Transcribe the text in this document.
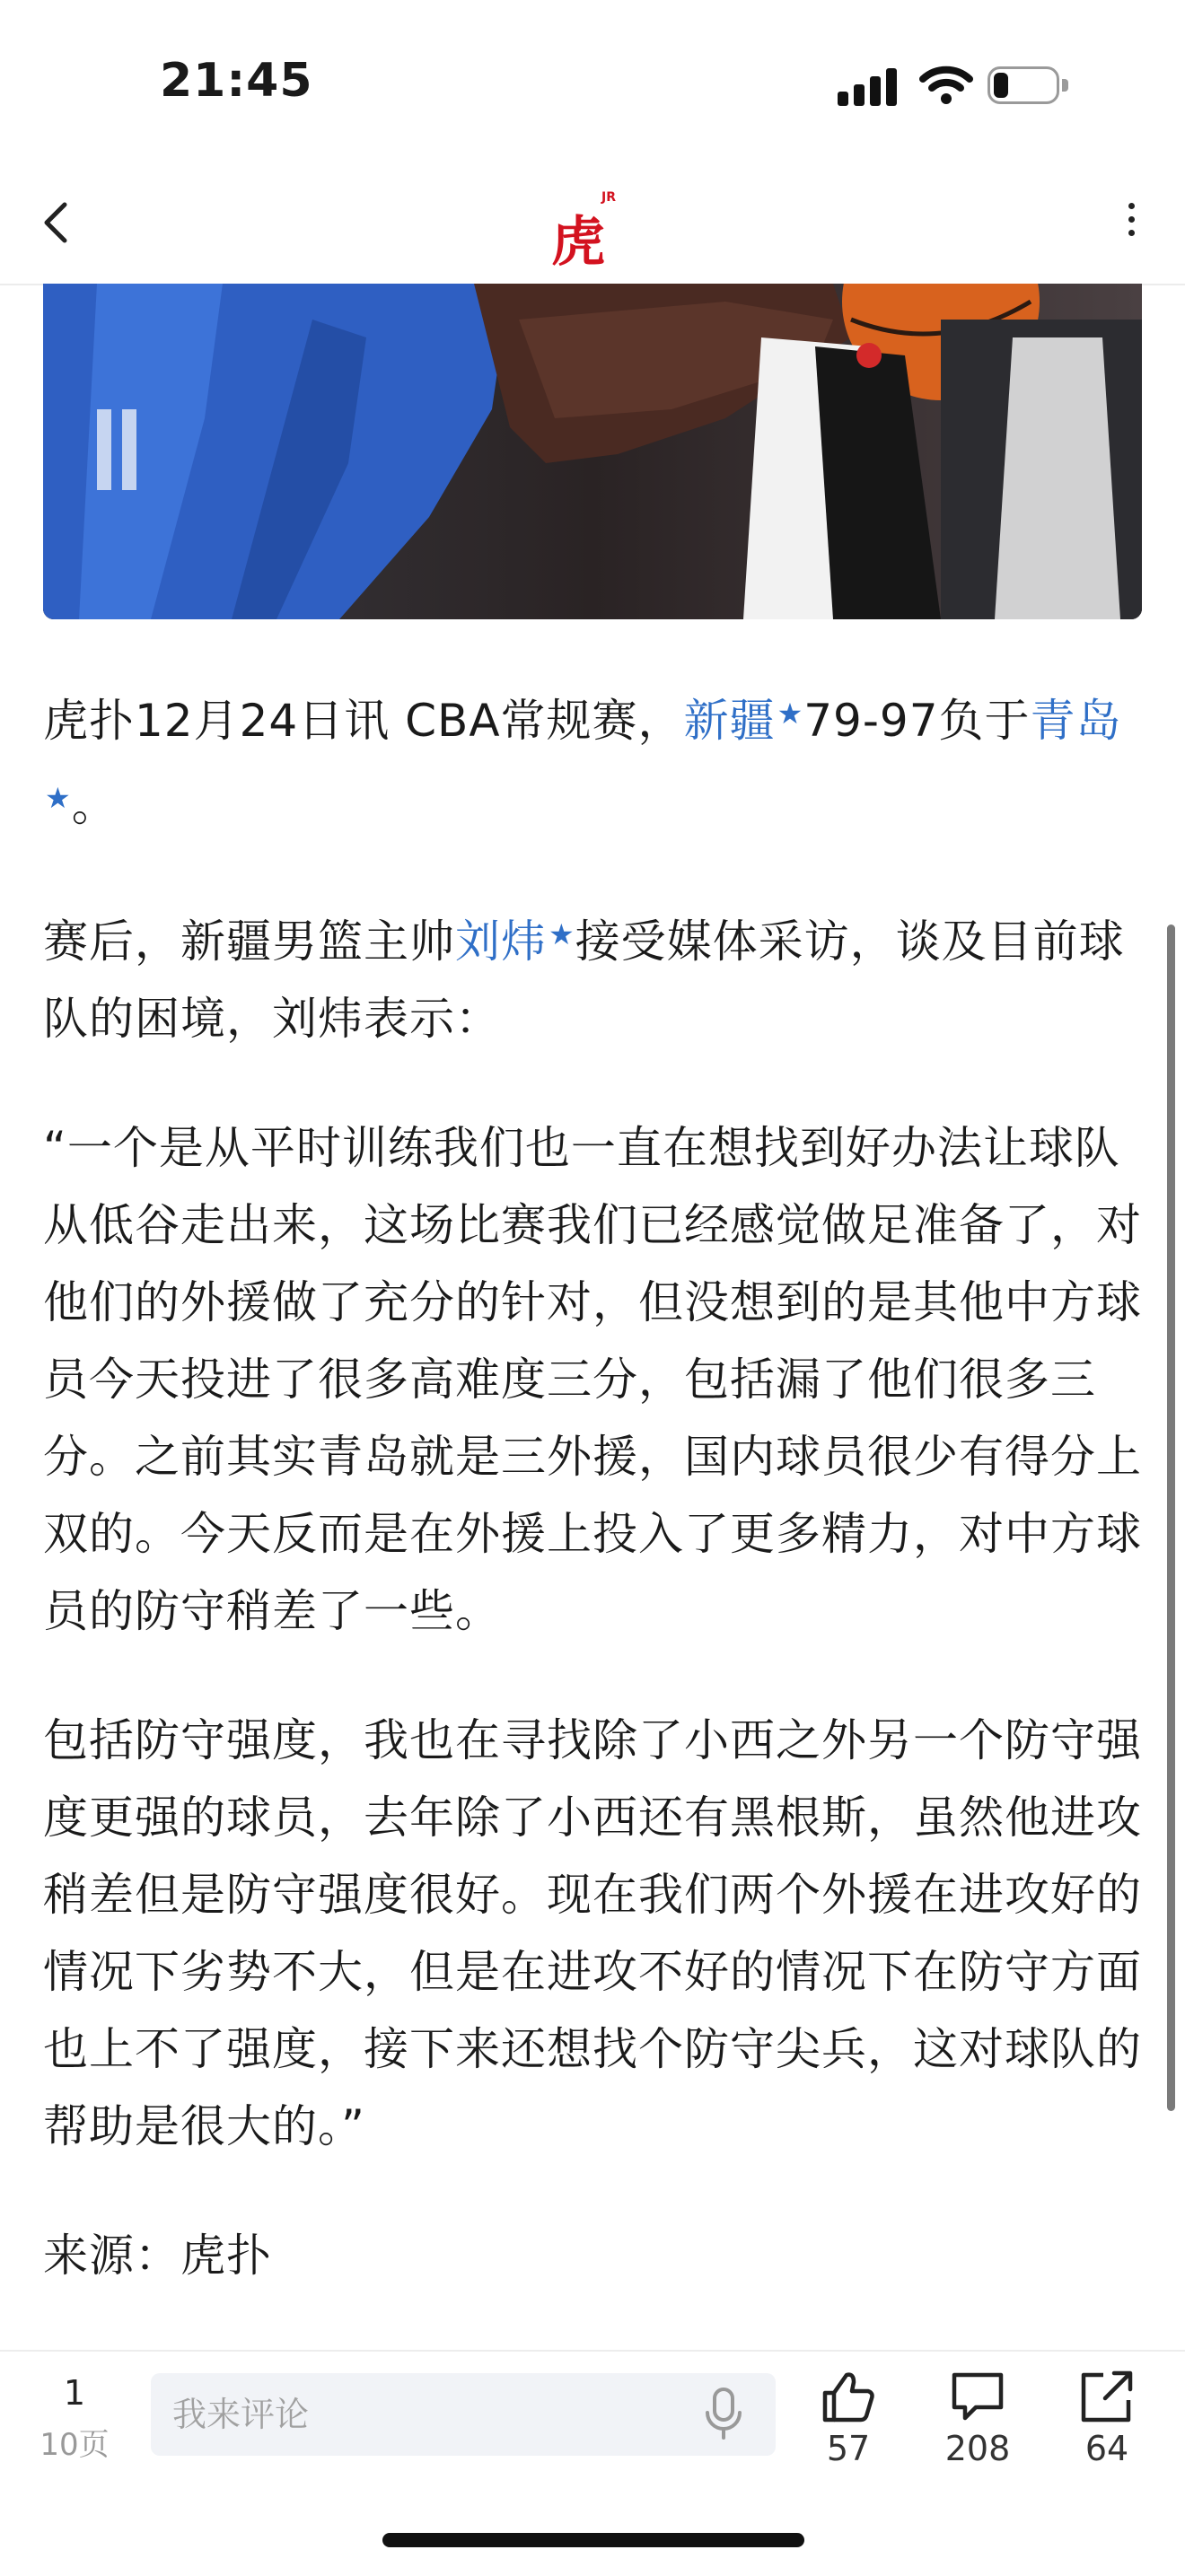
21:45
虎
JR

虎扑12月24日讯 CBA常规赛，新疆★79-97负于青岛★。

赛后，新疆男篮主帅刘炜★接受媒体采访，谈及目前球队的困境，刘炜表示：

“一个是从平时训练我们也一直在想找到好办法让球队从低谷走出来，这场比赛我们已经感觉做足准备了，对他们的外援做了充分的针对，但没想到的是其他中方球员今天投进了很多高难度三分，包括漏了他们很多三分。之前其实青岛就是三外援，国内球员很少有得分上双的。今天反而是在外援上投入了更多精力，对中方球员的防守稍差了一些。

包括防守强度，我也在寻找除了小西之外另一个防守强度更强的球员，去年除了小西还有黑根斯，虽然他进攻稍差但是防守强度很好。现在我们两个外援在进攻好的情况下劣势不大，但是在进攻不好的情况下在防守方面也上不了强度，接下来还想找个防守尖兵，这对球队的帮助是很大的。”

来源：虎扑

1
10页
我来评论	57	208	64
